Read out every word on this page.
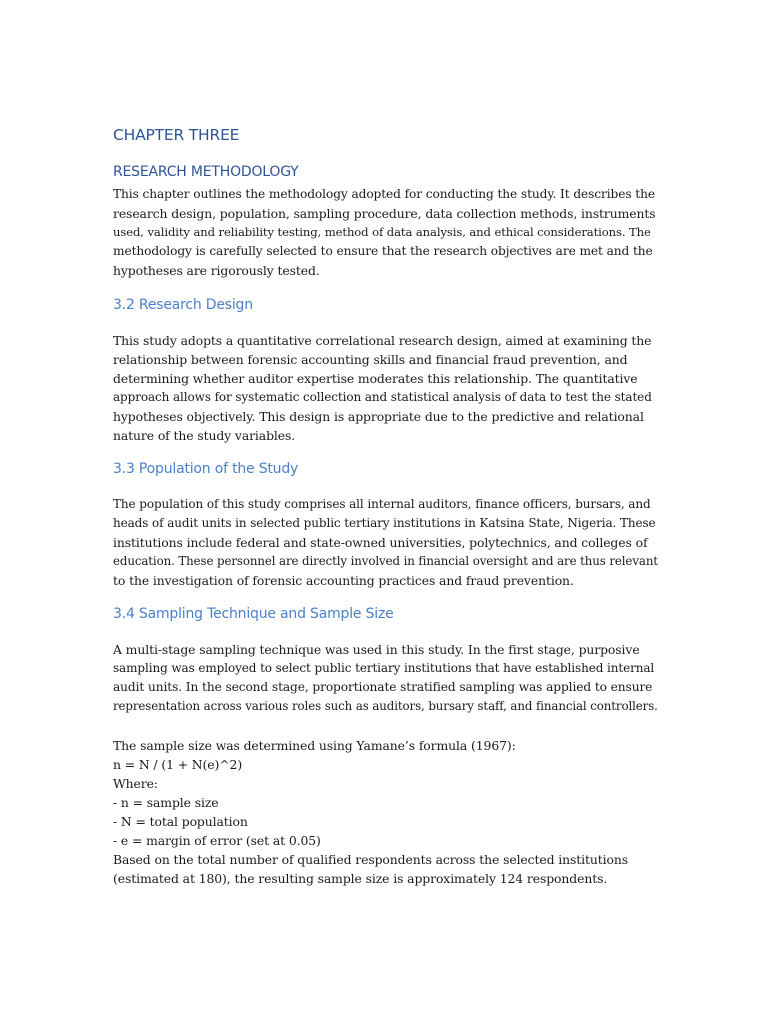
CHAPTER THREE
RESEARCH METHODOLOGY
This chapter outlines the methodology adopted for conducting the study. It describes the
research design, population, sampling procedure, data collection methods, instruments
used, validity and reliability testing, method of data analysis, and ethical considerations. The
methodology is carefully selected to ensure that the research objectives are met and the
hypotheses are rigorously tested.
3.2 Research Design
This study adopts a quantitative correlational research design, aimed at examining the
relationship between forensic accounting skills and financial fraud prevention, and
determining whether auditor expertise moderates this relationship. The quantitative
approach allows for systematic collection and statistical analysis of data to test the stated
hypotheses objectively. This design is appropriate due to the predictive and relational
nature of the study variables.
3.3 Population of the Study
The population of this study comprises all internal auditors, finance officers, bursars, and
heads of audit units in selected public tertiary institutions in Katsina State, Nigeria. These
institutions include federal and state-owned universities, polytechnics, and colleges of
education. These personnel are directly involved in financial oversight and are thus relevant
to the investigation of forensic accounting practices and fraud prevention.
3.4 Sampling Technique and Sample Size
A multi-stage sampling technique was used in this study. In the first stage, purposive
sampling was employed to select public tertiary institutions that have established internal
audit units. In the second stage, proportionate stratified sampling was applied to ensure
representation across various roles such as auditors, bursary staff, and financial controllers.
The sample size was determined using Yamane’s formula (1967):
n = N / (1 + N(e)^2)
Where:
- n = sample size
- N = total population
- e = margin of error (set at 0.05)
Based on the total number of qualified respondents across the selected institutions
(estimated at 180), the resulting sample size is approximately 124 respondents.
